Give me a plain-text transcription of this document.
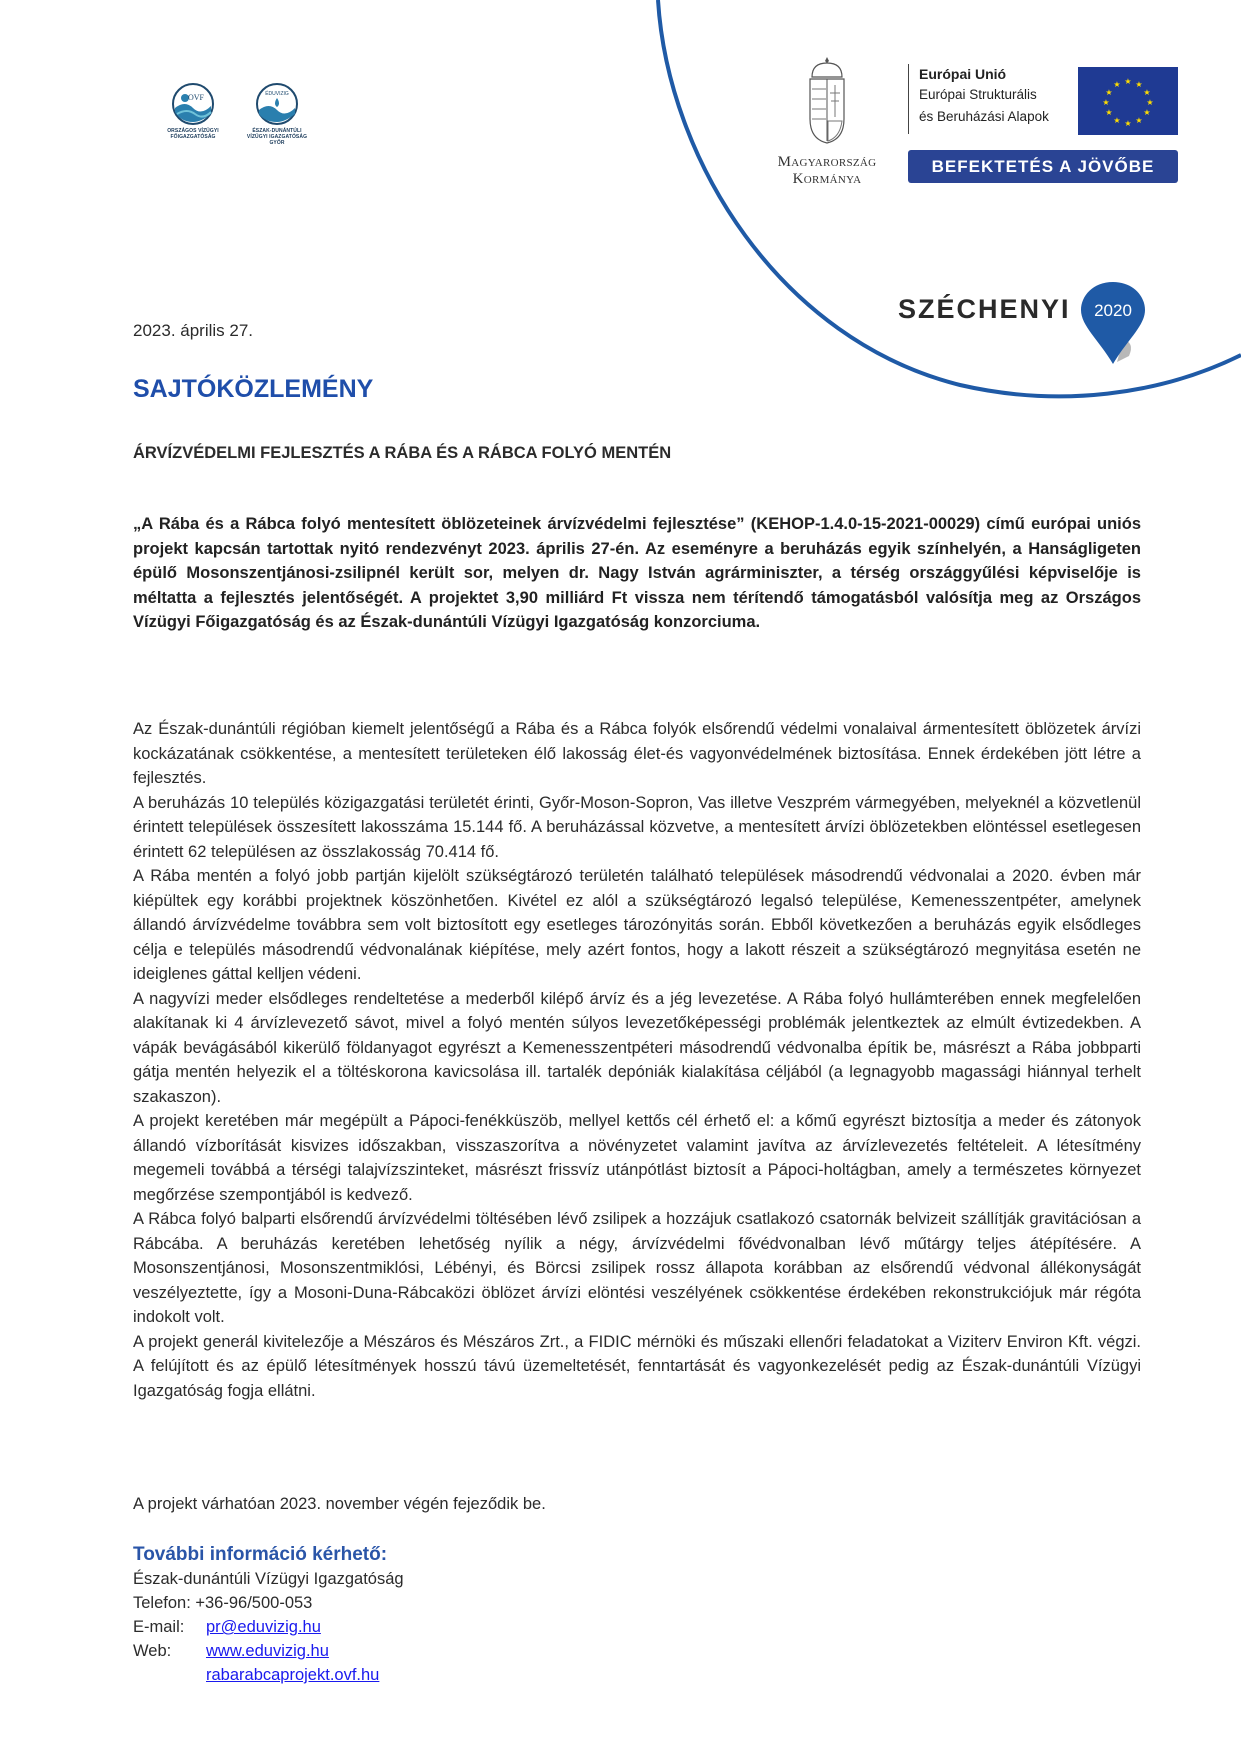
OVF
ORSZÁGOS VÍZÜGYI FŐIGAZGATÓSÁG
ÉDUVIZIG
ÉSZAK-DUNÁNTÚLI VÍZÜGYI IGAZGATÓSÁG GYŐR
Magyarország
Kormánya
Európai Unió
Európai Strukturális
és Beruházási Alapok
★ ★
★
★
★
★
★
★
★
★
★
★
BEFEKTETÉS A JÖVŐBE
SZÉCHENYI 2020
2023. április 27.
SAJTÓKÖZLEMÉNY
ÁRVÍZVÉDELMI FEJLESZTÉS A RÁBA ÉS A RÁBCA FOLYÓ MENTÉN
„A Rába és a Rábca folyó mentesített öblözeteinek árvízvédelmi fejlesztése” (KEHOP-1.4.0-15-2021-00029) című európai uniós projekt kapcsán tartottak nyitó rendezvényt 2023. április 27-én. Az eseményre a beruházás egyik színhelyén, a Hanságligeten épülő Mosonszentjánosi-zsilipnél került sor, melyen dr. Nagy István agrárminiszter, a térség országgyűlési képviselője is méltatta a fejlesztés jelentőségét. A projektet 3,90 milliárd Ft vissza nem térítendő támogatásból valósítja meg az Országos Vízügyi Főigazgatóság és az Észak-dunántúli Vízügyi Igazgatóság konzorciuma.

Az Észak-dunántúli régióban kiemelt jelentőségű a Rába és a Rábca folyók elsőrendű védelmi vonalaival ármentesített öblözetek árvízi kockázatának csökkentése, a mentesített területeken élő lakosság élet-és vagyonvédelmének biztosítása. Ennek érdekében jött létre a fejlesztés.

A beruházás 10 település közigazgatási területét érinti, Győr-Moson-Sopron, Vas illetve Veszprém vármegyében, melyeknél a közvetlenül érintett települések összesített lakosszáma 15.144 fő. A beruházással közvetve, a mentesített árvízi öblözetekben elöntéssel esetlegesen érintett 62 településen az összlakosság 70.414 fő.

A Rába mentén a folyó jobb partján kijelölt szükségtározó területén található települések másodrendű védvonalai a 2020. évben már kiépültek egy korábbi projektnek köszönhetően. Kivétel ez alól a szükségtározó legalsó települése, Kemenesszentpéter, amelynek állandó árvízvédelme továbbra sem volt biztosított egy esetleges tározónyitás során. Ebből következően a beruházás egyik elsődleges célja e település másodrendű védvonalának kiépítése, mely azért fontos, hogy a lakott részeit a szükségtározó megnyitása esetén ne ideiglenes gáttal kelljen védeni.

A nagyvízi meder elsődleges rendeltetése a mederből kilépő árvíz és a jég levezetése. A Rába folyó hullámterében ennek megfelelően alakítanak ki 4 árvízlevezető sávot, mivel a folyó mentén súlyos levezetőképességi problémák jelentkeztek az elmúlt évtizedekben. A vápák bevágásából kikerülő földanyagot egyrészt a Kemenesszentpéteri másodrendű védvonalba építik be, másrészt a Rába jobbparti gátja mentén helyezik el a töltéskorona kavicsolása ill. tartalék depóniák kialakítása céljából (a legnagyobb magassági hiánnyal terhelt szakaszon).

A projekt keretében már megépült a Pápoci-fenékküszöb, mellyel kettős cél érhető el: a kőmű egyrészt biztosítja a meder és zátonyok állandó vízborítását kisvizes időszakban, visszaszorítva a növényzetet valamint javítva az árvízlevezetés feltételeit. A létesítmény megemeli továbbá a térségi talajvízszinteket, másrészt frissvíz utánpótlást biztosít a Pápoci-holtágban, amely a természetes környezet megőrzése szempontjából is kedvező.

A Rábca folyó balparti elsőrendű árvízvédelmi töltésében lévő zsilipek a hozzájuk csatlakozó csatornák belvizeit szállítják gravitációsan a Rábcába. A beruházás keretében lehetőség nyílik a négy, árvízvédelmi fővédvonalban lévő műtárgy teljes átépítésére. A Mosonszentjánosi, Mosonszentmiklósi, Lébényi, és Börcsi zsilipek rossz állapota korábban az elsőrendű védvonal állékonyságát veszélyeztette, így a Mosoni-Duna-Rábcaközi öblözet árvízi elöntési veszélyének csökkentése érdekében rekonstrukciójuk már régóta indokolt volt.

A projekt generál kivitelezője a Mészáros és Mészáros Zrt., a FIDIC mérnöki és műszaki ellenőri feladatokat a Viziterv Environ Kft. végzi. A felújított és az épülő létesítmények hosszú távú üzemeltetését, fenntartását és vagyonkezelését pedig az Észak-dunántúli Vízügyi Igazgatóság fogja ellátni.

A projekt várhatóan 2023. november végén fejeződik be.
További információ kérhető:
Észak-dunántúli Vízügyi Igazgatóság
Telefon: +36-96/500-053
E-mail:	pr@eduvizig.hu
Web:	www.eduvizig.hu
rabarabcaprojekt.ovf.hu
